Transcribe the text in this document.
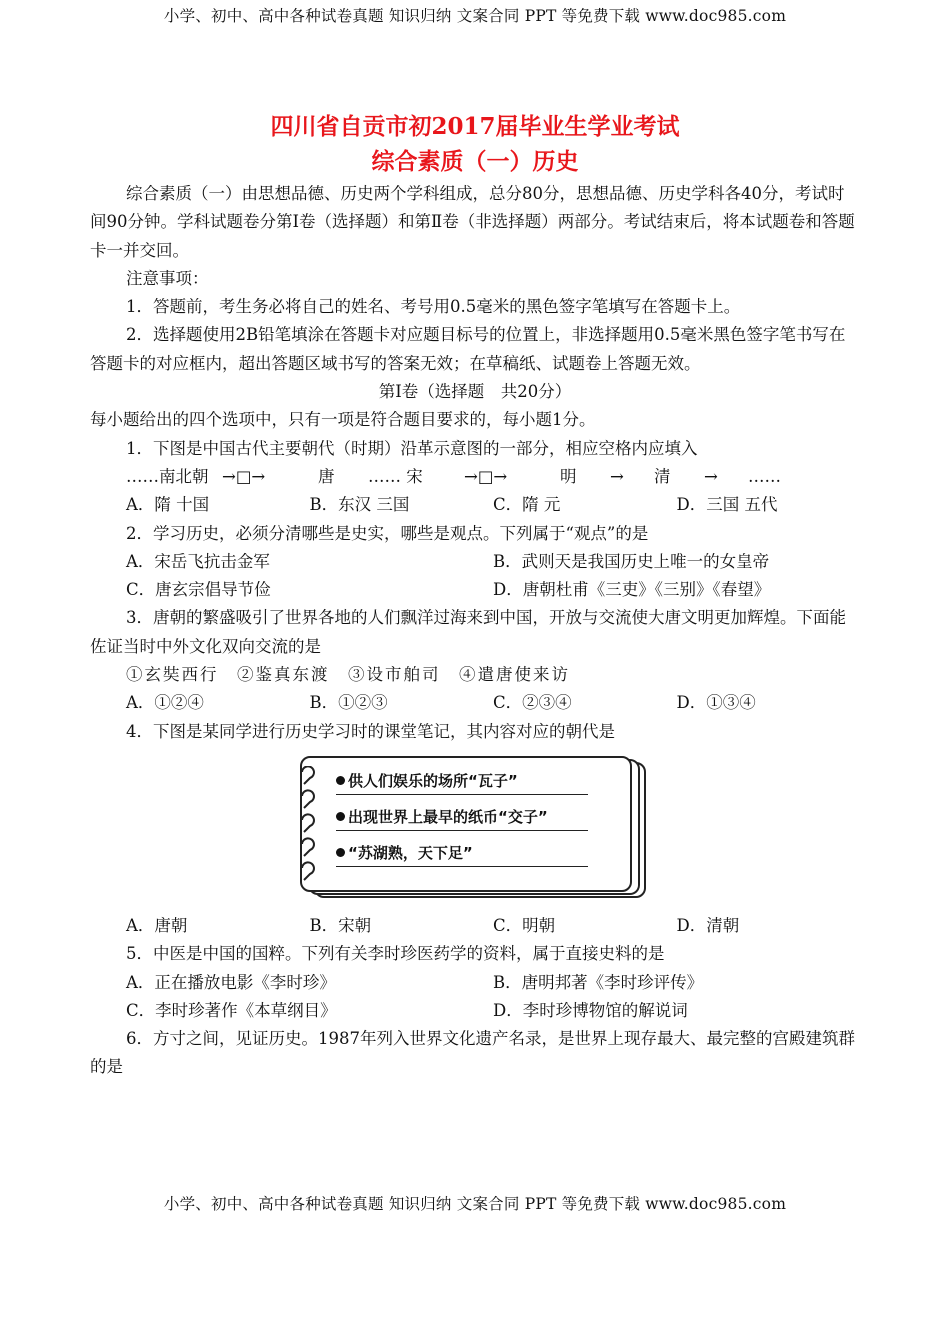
小学、初中、高中各种试卷真题 知识归纳 文案合同 PPT 等免费下载 www.doc985.com
四川省自贡市初2017届毕业生学业考试
综合素质（一）历史

综合素质（一）由思想品德、历史两个学科组成，总分80分，思想品德、历史学科各40分，考试时间90分钟。学科试题卷分第Ⅰ卷（选择题）和第Ⅱ卷（非选择题）两部分。考试结束后，将本试题卷和答题卡一并交回。

注意事项：

1．答题前，考生务必将自己的姓名、考号用0.5毫米的黑色签字笔填写在答题卡上。

2．选择题使用2B铅笔填涂在答题卡对应题目标号的位置上，非选择题用0.5毫米黑色签字笔书写在答题卡的对应框内，超出答题区域书写的答案无效；在草稿纸、试题卷上答题无效。

第Ⅰ卷（选择题　共20分）

每小题给出的四个选项中，只有一项是符合题目要求的，每小题1分。

1．下图是中国古代主要朝代（时期）沿革示意图的一部分，相应空格内应填入

……南北朝 →□→	唐	…… 宋	→□→	明	→	清	→	……
A．隋 十国	B．东汉 三国	C．隋 元	D．三国 五代

2．学习历史，必须分清哪些是史实，哪些是观点。下列属于“观点”的是

A．宋岳飞抗击金军	B．武则天是我国历史上唯一的女皇帝
C．唐玄宗倡导节俭	D．唐朝杜甫《三吏》《三别》《春望》

3．唐朝的繁盛吸引了世界各地的人们飘洋过海来到中国，开放与交流使大唐文明更加辉煌。下面能佐证当时中外文化双向交流的是

①玄奘西行　②鉴真东渡　③设市舶司　④遣唐使来访

A．①②④	B．①②③	C．②③④	D．①③④

4．下图是某同学进行历史学习时的课堂笔记，其内容对应的朝代是

供人们娱乐的场所“瓦子”
出现世界上最早的纸币“交子”
“苏湖熟，天下足”
A．唐朝	B．宋朝	C．明朝	D．清朝

5．中医是中国的国粹。下列有关李时珍医药学的资料，属于直接史料的是

A．正在播放电影《李时珍》	B．唐明邦著《李时珍评传》
C．李时珍著作《本草纲目》	D．李时珍博物馆的解说词

6．方寸之间，见证历史。1987年列入世界文化遗产名录，是世界上现存最大、最完整的宫殿建筑群的是

小学、初中、高中各种试卷真题 知识归纳 文案合同 PPT 等免费下载 www.doc985.com
